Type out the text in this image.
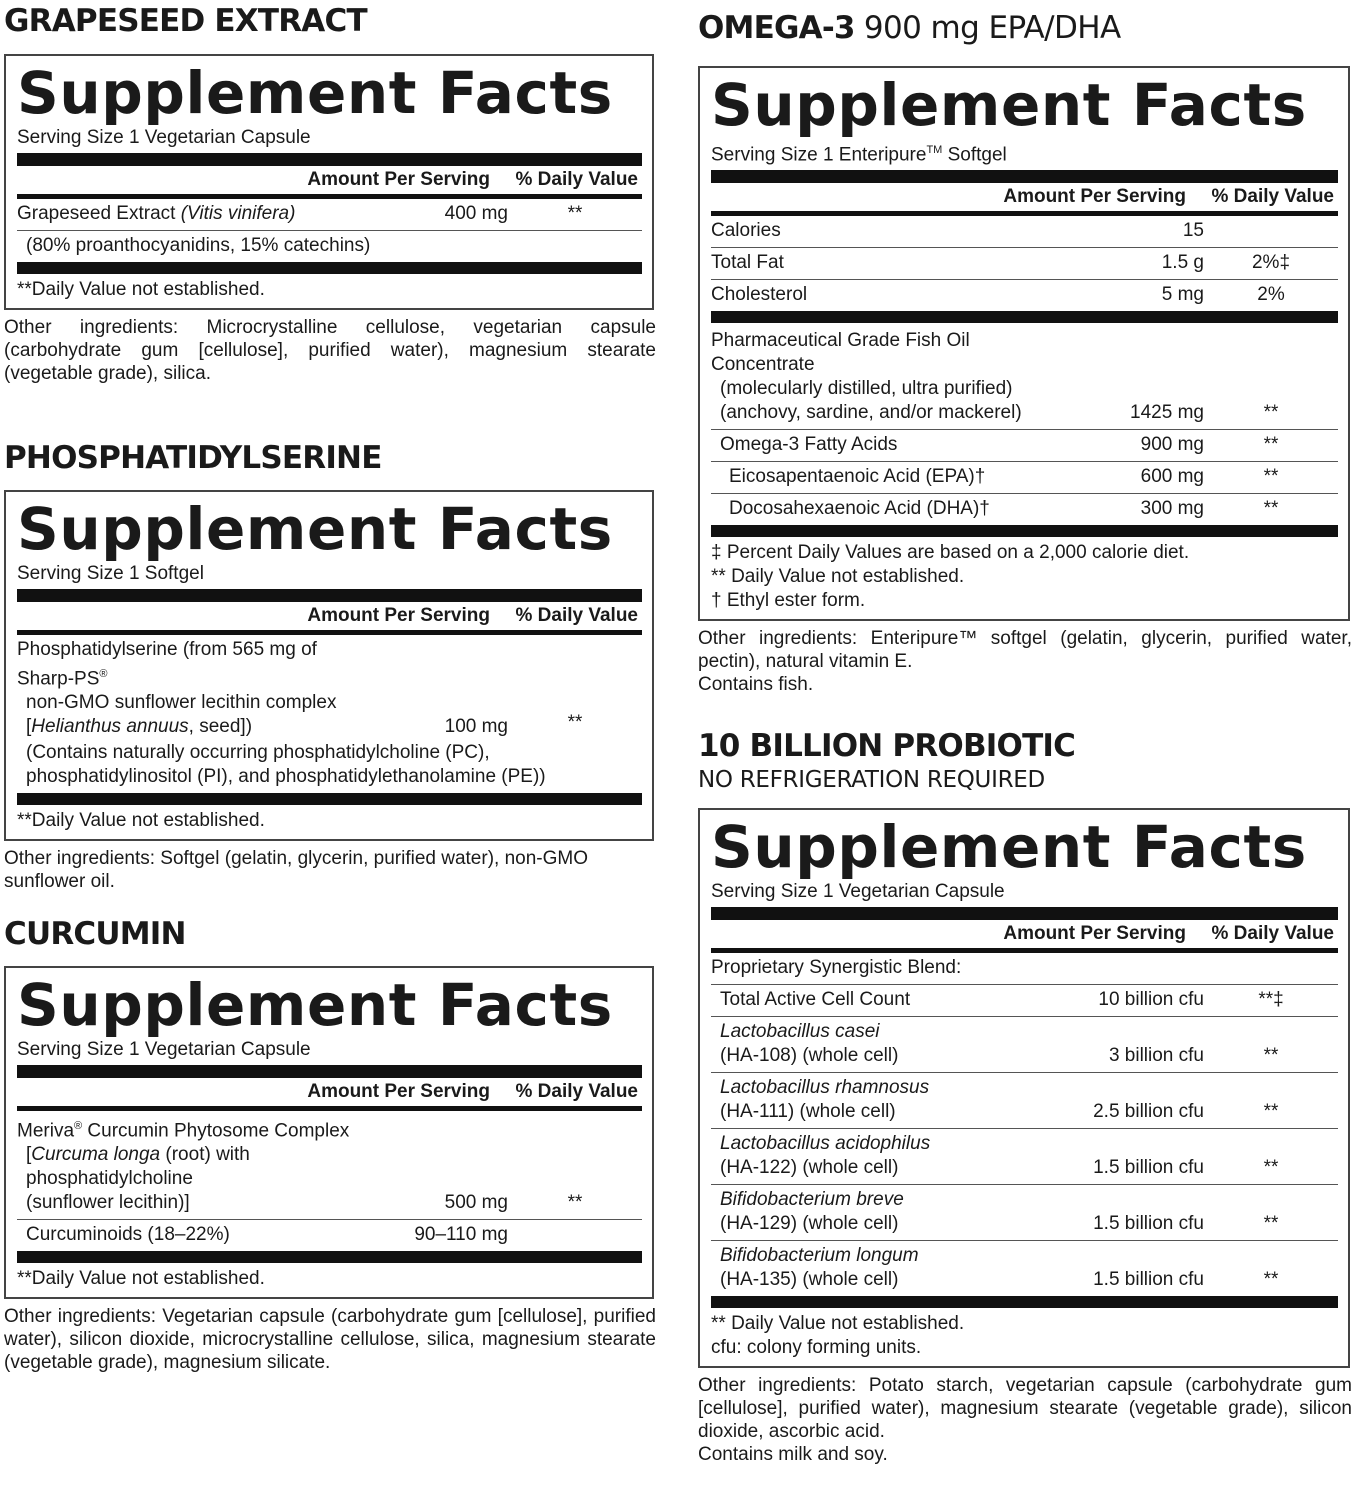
GRAPESEED EXTRACT
Supplement Facts
Serving Size 1 Vegetarian Capsule
Amount Per Serving	% Daily Value
Grapeseed Extract (Vitis vinifera)	400 mg	**
(80% proanthocyanidins, 15% catechins)
**Daily Value not established.
Other ingredients: Microcrystalline cellulose, vegetarian capsule (carbohydrate gum [cellulose], purified water), magnesium stearate (vegetable grade), silica.
PHOSPHATIDYLSERINE
Supplement Facts
Serving Size 1 Softgel
Amount Per Serving	% Daily Value
Phosphatidylserine (from 565 mg of Sharp-PS®
non-GMO sunflower lecithin complex
[Helianthus annuus, seed])	100 mg	**
(Contains naturally occurring phosphatidylcholine (PC),
phosphatidylinositol (PI), and phosphatidylethanolamine (PE))
**Daily Value not established.
Other ingredients: Softgel (gelatin, glycerin, purified water), non-GMO sunflower oil.
CURCUMIN
Supplement Facts
Serving Size 1 Vegetarian Capsule
Amount Per Serving	% Daily Value
Meriva® Curcumin Phytosome Complex
[Curcuma longa (root) with phosphatidylcholine
(sunflower lecithin)]	500 mg	**
Curcuminoids (18–22%)	90–110 mg
**Daily Value not established.
Other ingredients: Vegetarian capsule (carbohydrate gum [cellulose], purified water), silicon dioxide, microcrystalline cellulose, silica, magnesium stearate (vegetable grade), magnesium silicate.
OMEGA-3 900 mg EPA/DHA
Supplement Facts
Serving Size 1 Enteripure™ Softgel
Amount Per Serving	% Daily Value
Calories	15
Total Fat	1.5 g	2%‡
Cholesterol	5 mg	2%
Pharmaceutical Grade Fish Oil Concentrate
(molecularly distilled, ultra purified)
(anchovy, sardine, and/or mackerel)	1425 mg	**
Omega-3 Fatty Acids	900 mg	**
Eicosapentaenoic Acid (EPA)†	600 mg	**
Docosahexaenoic Acid (DHA)†	300 mg	**
‡ Percent Daily Values are based on a 2,000 calorie diet.
** Daily Value not established.
† Ethyl ester form.
Other ingredients: Enteripure™ softgel (gelatin, glycerin, purified water, pectin), natural vitamin E.
Contains fish.
10 BILLION PROBIOTIC
NO REFRIGERATION REQUIRED
Supplement Facts
Serving Size 1 Vegetarian Capsule
Amount Per Serving	% Daily Value
Proprietary Synergistic Blend:
Total Active Cell Count	10 billion cfu	**‡
Lactobacillus casei
(HA-108) (whole cell)	3 billion cfu	**
Lactobacillus rhamnosus
(HA-111) (whole cell)	2.5 billion cfu	**
Lactobacillus acidophilus
(HA-122) (whole cell)	1.5 billion cfu	**
Bifidobacterium breve
(HA-129) (whole cell)	1.5 billion cfu	**
Bifidobacterium longum
(HA-135) (whole cell)	1.5 billion cfu	**
** Daily Value not established.
cfu: colony forming units.
Other ingredients: Potato starch, vegetarian capsule (carbohydrate gum [cellulose], purified water), magnesium stearate (vegetable grade), silicon dioxide, ascorbic acid.
Contains milk and soy.
